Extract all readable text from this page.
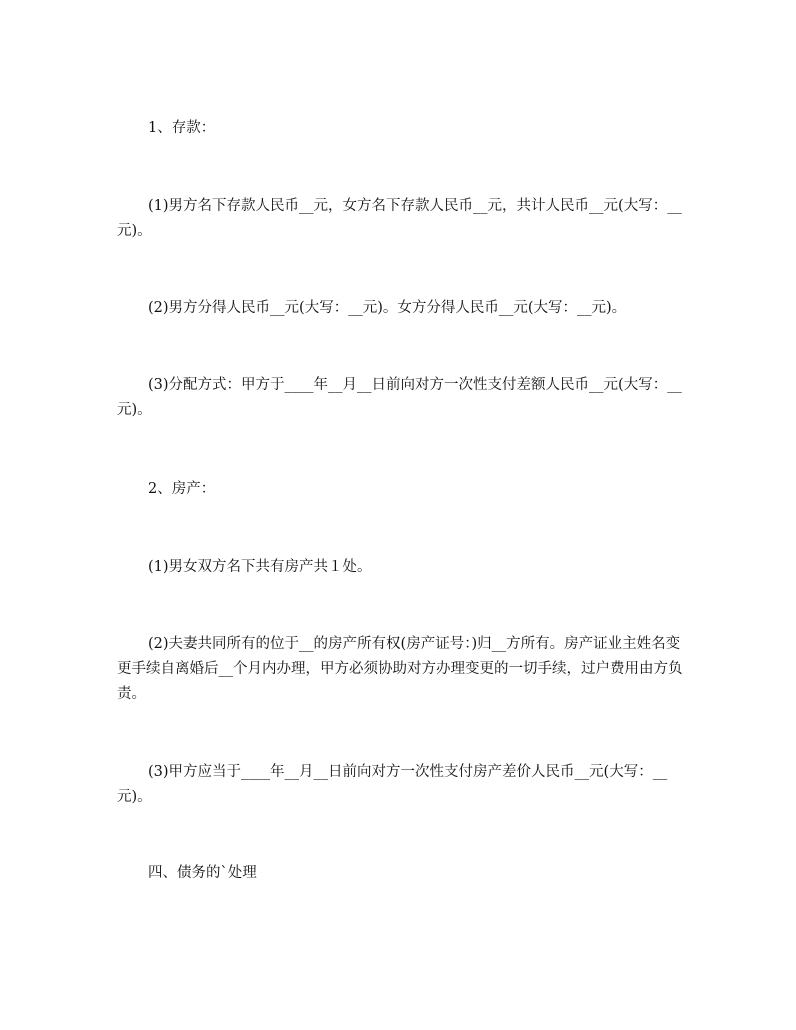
1、存款：

(1)男方名下存款人民币__元，女方名下存款人民币__元，共计人民币__元(大写：__元)。

(2)男方分得人民币__元(大写：__元)。女方分得人民币__元(大写：__元)。

(3)分配方式：甲方于____年__月__日前向对方一次性支付差额人民币__元(大写：__元)。

2、房产：

(1)男女双方名下共有房产共１处。

(2)夫妻共同所有的位于__的房产所有权(房产证号：)归__方所有。房产证业主姓名变更手续自离婚后__个月内办理，甲方必须协助对方办理变更的一切手续，过户费用由方负责。

(3)甲方应当于____年__月__日前向对方一次性支付房产差价人民币__元(大写：__元)。

四、债务的`处理
